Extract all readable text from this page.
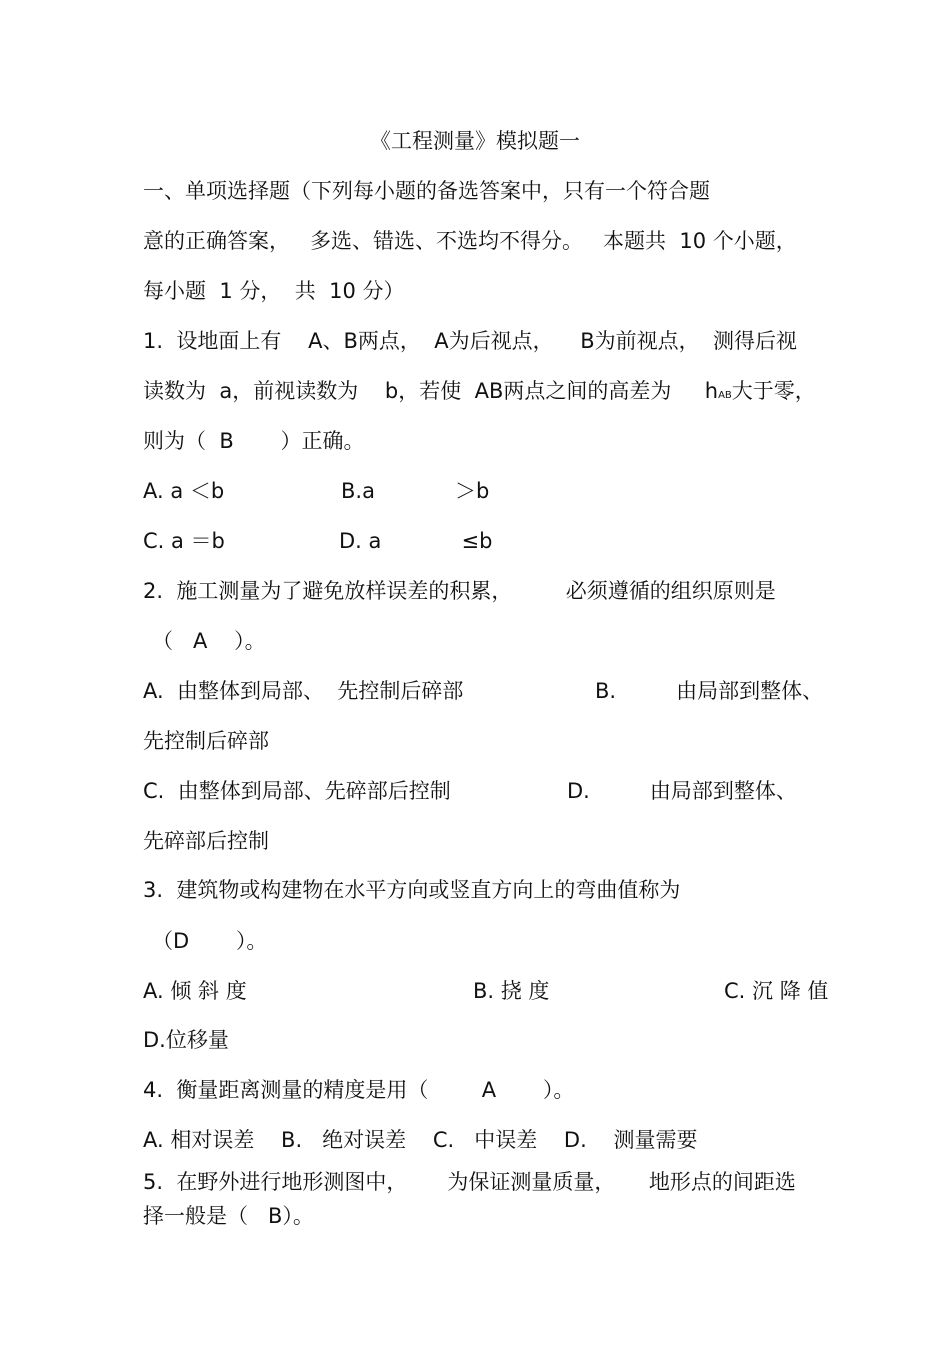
《工程测量》模拟题一
一、单项选择题（下列每小题的备选答案中，只有一个符合题
意的正确答案，   多选、错选、不选均不得分。   本题共  10 个小题，
每小题  1 分，  共  10 分）
1.  设地面上有    A、B两点，  A为后视点，    B为前视点，  测得后视
读数为  a，前视读数为    b，若使  AB两点之间的高差为     hAB大于零，
则为（  B       ）正确。
A. a ＜b	B.a            ＞b
C. a ＝b	D. a            ≤b
2.  施工测量为了避免放样误差的积累，        必须遵循的组织原则是
（   A    ）。
A.  由整体到局部、  先控制后碎部	B.         由局部到整体、
先控制后碎部
C.  由整体到局部、先碎部后控制	D.         由局部到整体、
先碎部后控制
3.  建筑物或构建物在水平方向或竖直方向上的弯曲值称为
（D       ）。
A. 倾 斜 度	B. 挠 度	C. 沉 降 值
D.位移量
4.  衡量距离测量的精度是用（        A       ）。
A. 相对误差    B.   绝对误差    C.   中误差    D.    测量需要
5.  在野外进行地形测图中，      为保证测量质量，     地形点的间距选
择一般是（   B）。
